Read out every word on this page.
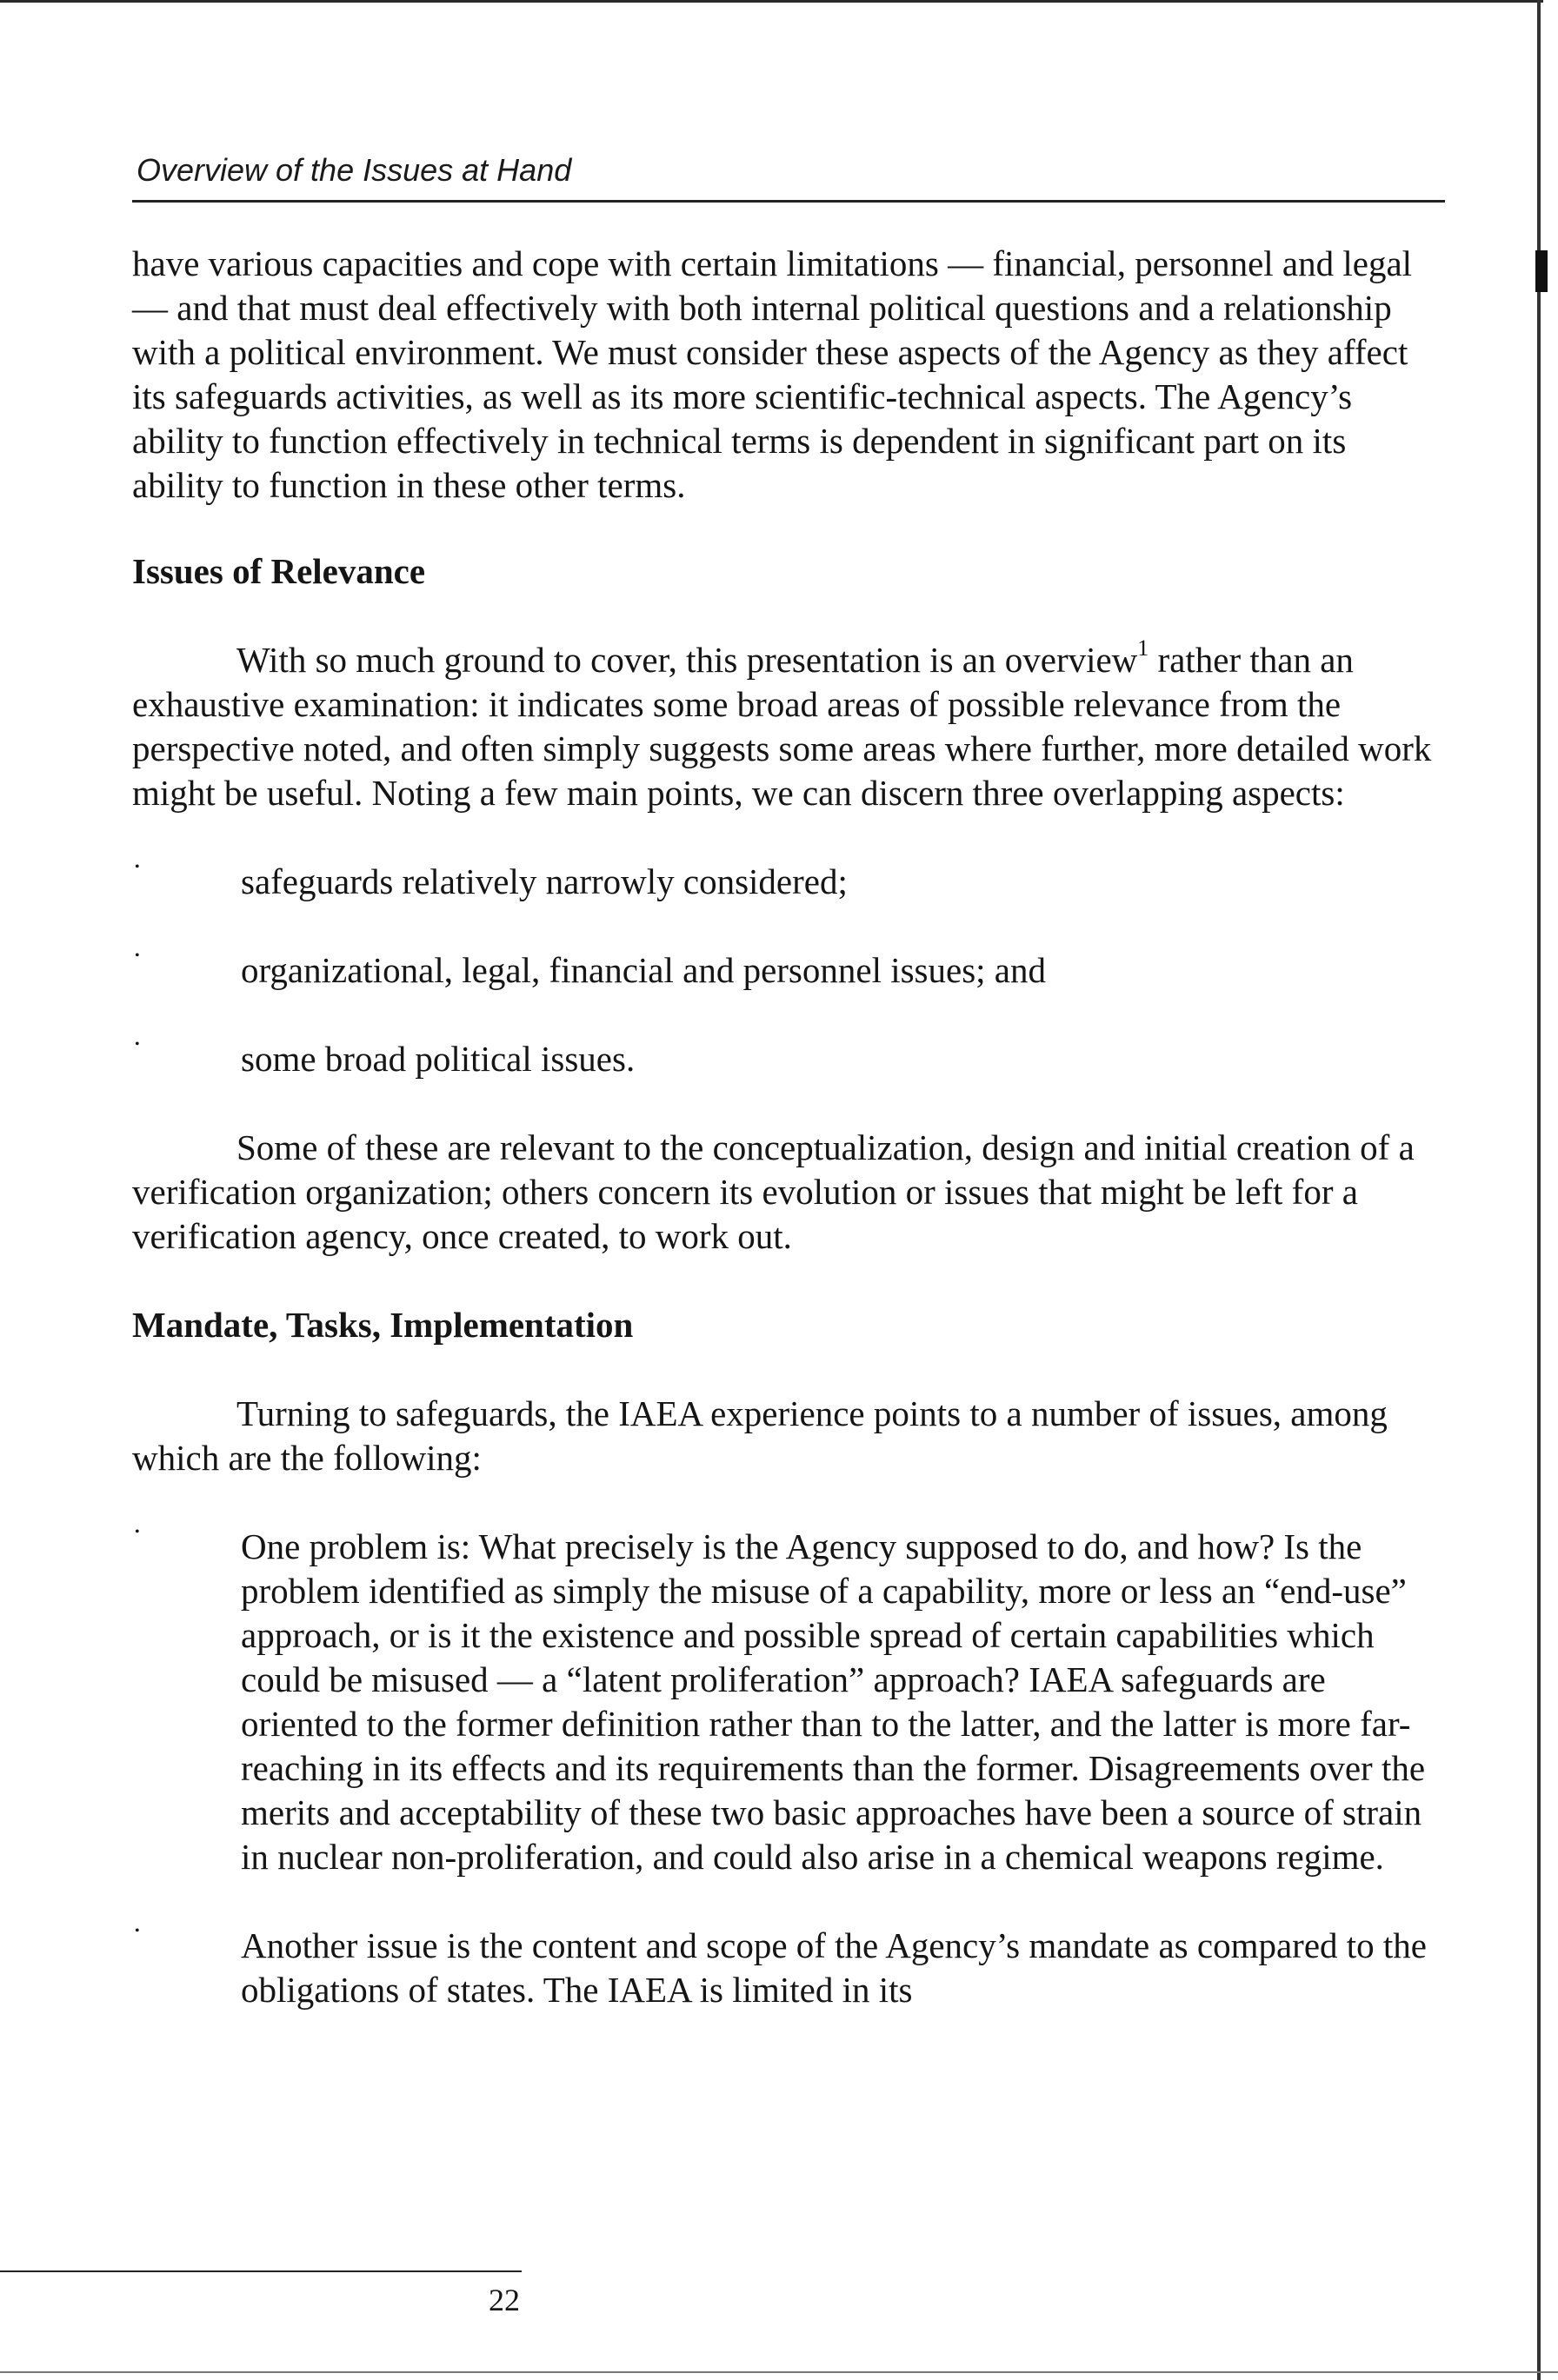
Overview of the Issues at Hand

have various capacities and cope with certain limitations — financial, personnel and legal — and that must deal effectively with both internal political questions and a relationship with a political environment. We must consider these aspects of the Agency as they affect its safeguards activities, as well as its more scientific-technical aspects. The Agency’s ability to function effectively in technical terms is dependent in significant part on its ability to function in these other terms.

Issues of Relevance

With so much ground to cover, this presentation is an overview$^1$ rather than an exhaustive examination: it indicates some broad areas of possible relevance from the perspective noted, and often simply suggests some areas where further, more detailed work might be useful. Noting a few main points, we can discern three overlapping aspects:

•	safeguards relatively narrowly considered;
•	organizational, legal, financial and personnel issues; and
•	some broad political issues.

Some of these are relevant to the conceptualization, design and initial creation of a verification organization; others concern its evolution or issues that might be left for a verification agency, once created, to work out.

Mandate, Tasks, Implementation

Turning to safeguards, the IAEA experience points to a number of issues, among which are the following:

•	One problem is: What precisely is the Agency supposed to do, and how? Is the problem identified as simply the misuse of a capability, more or less an “end-use” approach, or is it the existence and possible spread of certain capabilities which could be misused — a “latent proliferation” approach? IAEA safeguards are oriented to the former definition rather than to the latter, and the latter is more far-reaching in its effects and its requirements than the former. Disagreements over the merits and acceptability of these two basic approaches have been a source of strain in nuclear non-proliferation, and could also arise in a chemical weapons regime.
•	Another issue is the content and scope of the Agency’s mandate as compared to the obligations of states. The IAEA is limited in its
22
